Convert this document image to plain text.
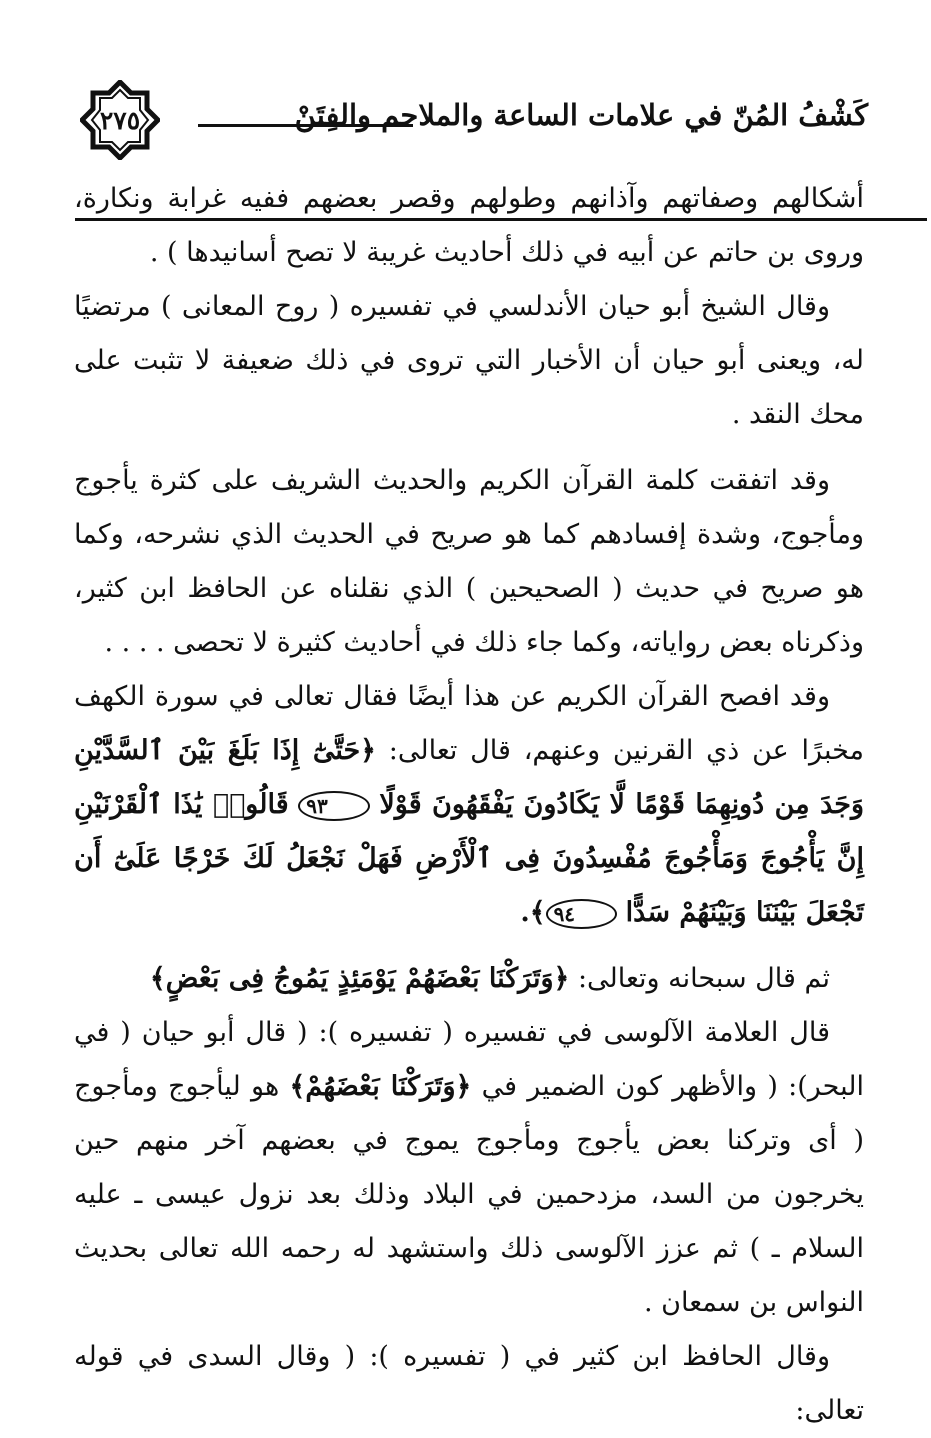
٢٧٥	كَشْفُ المُنّ في علامات الساعة والملاحم والفِتَنْ

أشكالهم وصفاتهم وآذانهم وطولهم وقصر بعضهم ففيه غرابة ونكارة، وروى بن حاتم عن أبيه في ذلك أحاديث غريبة لا تصح أسانيدها ) .

وقال الشيخ أبو حيان الأندلسي في تفسيره ( روح المعانى ) مرتضيًا له، ويعنى أبو حيان أن الأخبار التي تروى في ذلك ضعيفة لا تثبت على محك النقد .

وقد اتفقت كلمة القرآن الكريم والحديث الشريف على كثرة يأجوج ومأجوج، وشدة إفسادهم كما هو صريح في الحديث الذي نشرحه، وكما هو صريح في حديث ( الصحيحين ) الذي نقلناه عن الحافظ ابن كثير، وذكرناه بعض رواياته، وكما جاء ذلك في أحاديث كثيرة لا تحصى . . . .

وقد افصح القرآن الكريم عن هذا أيضًا فقال تعالى في سورة الكهف مخبرًا عن ذي القرنين وعنهم، قال تعالى: ﴿حَتَّىٰٓ إِذَا بَلَغَ بَيْنَ ٱلسَّدَّيْنِ وَجَدَ مِن دُونِهِمَا قَوْمًا لَّا يَكَادُونَ يَفْقَهُونَ قَوْلًا ٩٣ قَالُوا۟ يَٰذَا ٱلْقَرْنَيْنِ إِنَّ يَأْجُوجَ وَمَأْجُوجَ مُفْسِدُونَ فِى ٱلْأَرْضِ فَهَلْ نَجْعَلُ لَكَ خَرْجًا عَلَىٰٓ أَن تَجْعَلَ بَيْنَنَا وَبَيْنَهُمْ سَدًّا ٩٤﴾.

ثم قال سبحانه وتعالى: ﴿وَتَرَكْنَا بَعْضَهُمْ يَوْمَئِذٍ يَمُوجُ فِى بَعْضٍ﴾

قال العلامة الآلوسى في تفسيره ( تفسيره ): ( قال أبو حيان ( في البحر): ( والأظهر كون الضمير في ﴿وَتَرَكْنَا بَعْضَهُمْ﴾ هو ليأجوج ومأجوج ( أى وتركنا بعض يأجوج ومأجوج يموج في بعضهم آخر منهم حين يخرجون من السد، مزدحمين في البلاد وذلك بعد نزول عيسى ـ عليه السلام ـ ) ثم عزز الآلوسى ذلك واستشهد له رحمه الله تعالى بحديث النواس بن سمعان .

وقال الحافظ ابن كثير في ( تفسيره ): ( وقال السدى في قوله تعالى:
